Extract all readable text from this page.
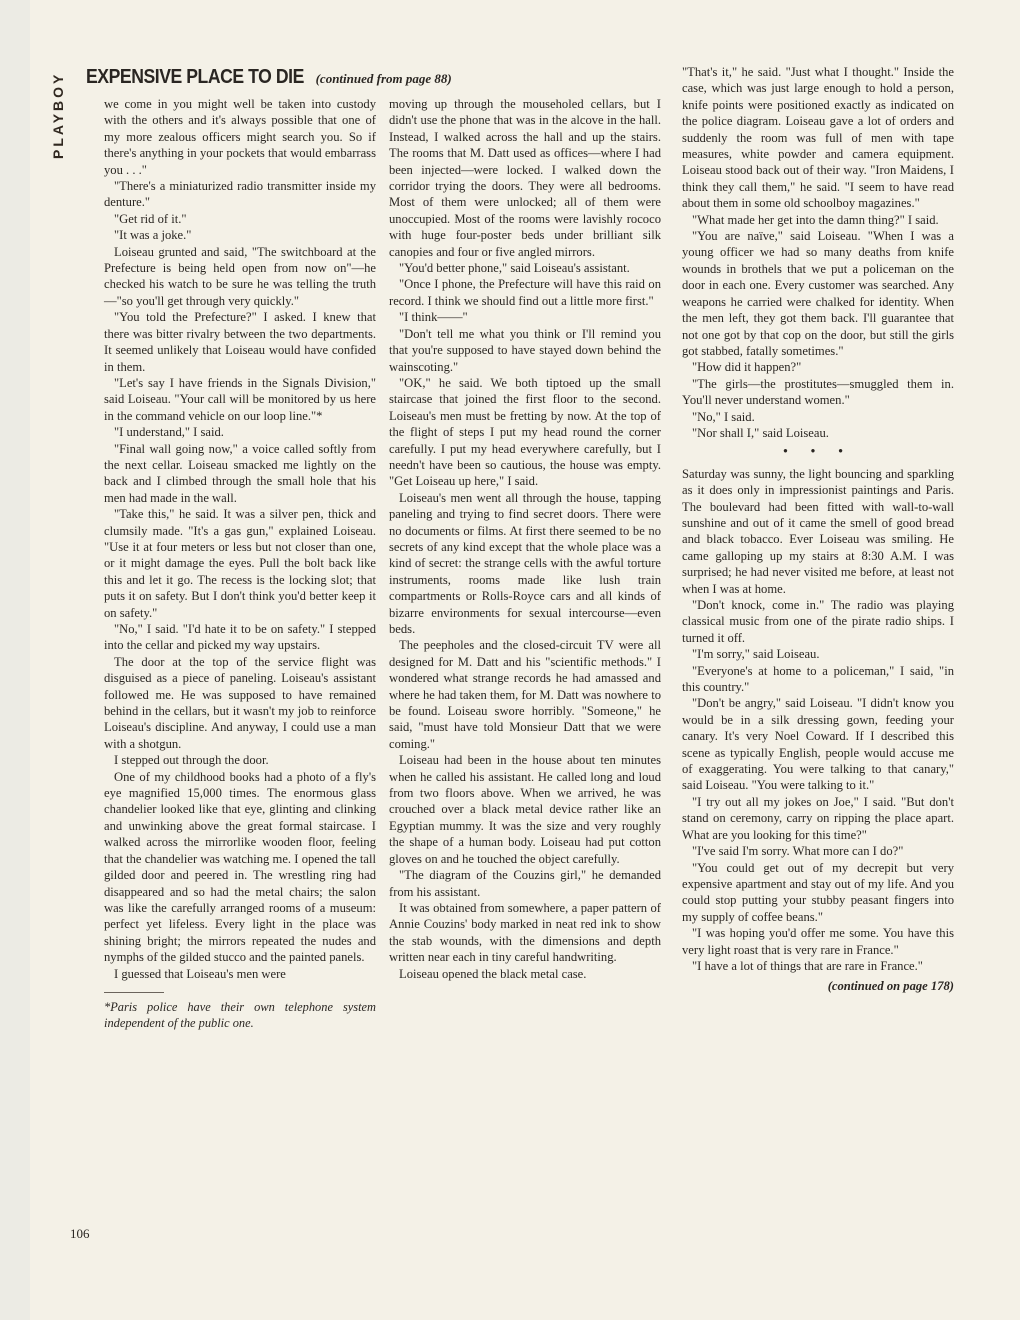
PLAYBOY	EXPENSIVE PLACE TO DIE (continued from page 88)

we come in you might well be taken into custody with the others and it's always possible that one of my more zealous officers might search you. So if there's anything in your pockets that would embarrass you . . ."

"There's a miniaturized radio transmitter inside my denture."

"Get rid of it."

"It was a joke."

Loiseau grunted and said, "The switchboard at the Prefecture is being held open from now on"—he checked his watch to be sure he was telling the truth—"so you'll get through very quickly."

"You told the Prefecture?" I asked. I knew that there was bitter rivalry between the two departments. It seemed unlikely that Loiseau would have confided in them.

"Let's say I have friends in the Signals Division," said Loiseau. "Your call will be monitored by us here in the command vehicle on our loop line."*

"I understand," I said.

"Final wall going now," a voice called softly from the next cellar. Loiseau smacked me lightly on the back and I climbed through the small hole that his men had made in the wall.

"Take this," he said. It was a silver pen, thick and clumsily made. "It's a gas gun," explained Loiseau. "Use it at four meters or less but not closer than one, or it might damage the eyes. Pull the bolt back like this and let it go. The recess is the locking slot; that puts it on safety. But I don't think you'd better keep it on safety."

"No," I said. "I'd hate it to be on safety." I stepped into the cellar and picked my way upstairs.

The door at the top of the service flight was disguised as a piece of paneling. Loiseau's assistant followed me. He was supposed to have remained behind in the cellars, but it wasn't my job to reinforce Loiseau's discipline. And anyway, I could use a man with a shotgun.

I stepped out through the door.

One of my childhood books had a photo of a fly's eye magnified 15,000 times. The enormous glass chandelier looked like that eye, glinting and clinking and unwinking above the great formal staircase. I walked across the mirrorlike wooden floor, feeling that the chandelier was watching me. I opened the tall gilded door and peered in. The wrestling ring had disappeared and so had the metal chairs; the salon was like the carefully arranged rooms of a museum: perfect yet lifeless. Every light in the place was shining bright; the mirrors repeated the nudes and nymphs of the gilded stucco and the painted panels.

I guessed that Loiseau's men were

*Paris police have their own telephone system independent of the public one.

106

moving up through the mouseholed cellars, but I didn't use the phone that was in the alcove in the hall. Instead, I walked across the hall and up the stairs. The rooms that M. Datt used as offices—where I had been injected—were locked. I walked down the corridor trying the doors. They were all bedrooms. Most of them were unlocked; all of them were unoccupied. Most of the rooms were lavishly rococo with huge four-poster beds under brilliant silk canopies and four or five angled mirrors.

"You'd better phone," said Loiseau's assistant.

"Once I phone, the Prefecture will have this raid on record. I think we should find out a little more first."

"I think——"

"Don't tell me what you think or I'll remind you that you're supposed to have stayed down behind the wainscoting."

"OK," he said. We both tiptoed up the small staircase that joined the first floor to the second. Loiseau's men must be fretting by now. At the top of the flight of steps I put my head round the corner carefully. I put my head everywhere carefully, but I needn't have been so cautious, the house was empty. "Get Loiseau up here," I said.

Loiseau's men went all through the house, tapping paneling and trying to find secret doors. There were no documents or films. At first there seemed to be no secrets of any kind except that the whole place was a kind of secret: the strange cells with the awful torture instruments, rooms made like lush train compartments or Rolls-Royce cars and all kinds of bizarre environments for sexual intercourse—even beds.

The peepholes and the closed-circuit TV were all designed for M. Datt and his "scientific methods." I wondered what strange records he had amassed and where he had taken them, for M. Datt was nowhere to be found. Loiseau swore horribly. "Someone," he said, "must have told Monsieur Datt that we were coming."

Loiseau had been in the house about ten minutes when he called his assistant. He called long and loud from two floors above. When we arrived, he was crouched over a black metal device rather like an Egyptian mummy. It was the size and very roughly the shape of a human body. Loiseau had put cotton gloves on and he touched the object carefully.

"The diagram of the Couzins girl," he demanded from his assistant.

It was obtained from somewhere, a paper pattern of Annie Couzins' body marked in neat red ink to show the stab wounds, with the dimensions and depth written near each in tiny careful handwriting.

Loiseau opened the black metal case.

"That's it," he said. "Just what I thought." Inside the case, which was just large enough to hold a person, knife points were positioned exactly as indicated on the police diagram. Loiseau gave a lot of orders and suddenly the room was full of men with tape measures, white powder and camera equipment. Loiseau stood back out of their way. "Iron Maidens, I think they call them," he said. "I seem to have read about them in some old schoolboy magazines."

"What made her get into the damn thing?" I said.

"You are naïve," said Loiseau. "When I was a young officer we had so many deaths from knife wounds in brothels that we put a policeman on the door in each one. Every customer was searched. Any weapons he carried were chalked for identity. When the men left, they got them back. I'll guarantee that not one got by that cop on the door, but still the girls got stabbed, fatally sometimes."

"How did it happen?"

"The girls—the prostitutes—smuggled them in. You'll never understand women."

"No," I said.

"Nor shall I," said Loiseau.

• • •

Saturday was sunny, the light bouncing and sparkling as it does only in impressionist paintings and Paris. The boulevard had been fitted with wall-to-wall sunshine and out of it came the smell of good bread and black tobacco. Ever Loiseau was smiling. He came galloping up my stairs at 8:30 A.M. I was surprised; he had never visited me before, at least not when I was at home.

"Don't knock, come in." The radio was playing classical music from one of the pirate radio ships. I turned it off.

"I'm sorry," said Loiseau.

"Everyone's at home to a policeman," I said, "in this country."

"Don't be angry," said Loiseau. "I didn't know you would be in a silk dressing gown, feeding your canary. It's very Noel Coward. If I described this scene as typically English, people would accuse me of exaggerating. You were talking to that canary," said Loiseau. "You were talking to it."

"I try out all my jokes on Joe," I said. "But don't stand on ceremony, carry on ripping the place apart. What are you looking for this time?"

"I've said I'm sorry. What more can I do?"

"You could get out of my decrepit but very expensive apartment and stay out of my life. And you could stop putting your stubby peasant fingers into my supply of coffee beans."

"I was hoping you'd offer me some. You have this very light roast that is very rare in France."

"I have a lot of things that are rare in France."

(continued on page 178)
